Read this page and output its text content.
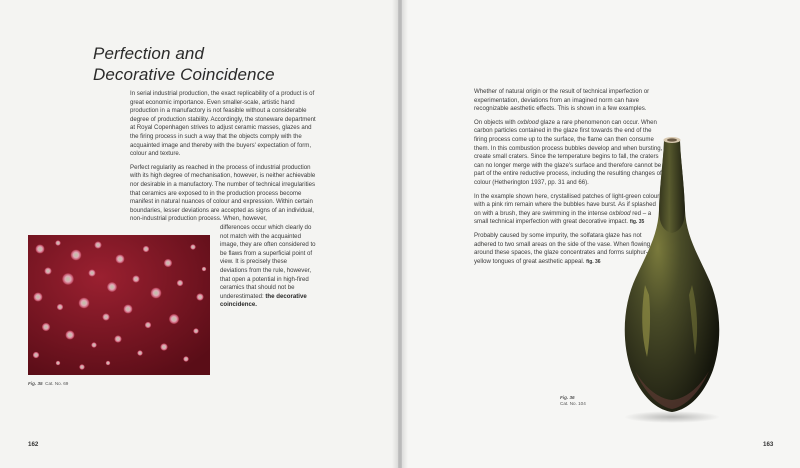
Perfection and
Decorative Coincidence

In serial industrial production, the exact replicability of a product is of great economic importance. Even smaller-scale, artistic hand production in a manufactory is not feasible without a considerable degree of production stability. Accordingly, the stoneware department at Royal Copenhagen strives to adjust ceramic masses, glazes and the firing process in such a way that the objects comply with the acquainted image and thereby with the buyers' expectation of form, colour and texture.

Perfect regularity as reached in the process of industrial production with its high degree of mechanisation, however, is neither achievable nor desirable in a manufactory. The number of technical irregularities that ceramics are exposed to in the production process become manifest in natural nuances of colour and expression. Within certain boundaries, lesser deviations are accepted as signs of an individual, non-industrial production process. When, however,

differences occur which clearly do not match with the acquainted image, they are often considered to be flaws from a superficial point of view. It is precisely these deviations from the rule, however, that open a potential in high-fired ceramics that should not be underestimated: the decorative coincidence.

Fig. 35 Cat. No. 69
162

Whether of natural origin or the result of technical imperfection or experimentation, deviations from an imagined norm can have recognizable aesthetic effects. This is shown in a few examples.

On objects with oxblood glaze a rare phenomenon can occur. When carbon particles contained in the glaze first towards the end of the firing process come up to the surface, the flame can then consume them. In this combustion process bubbles develop and when bursting, create small craters. Since the temperature begins to fall, the craters can no longer merge with the glaze's surface and therefore cannot be part of the entire reductive process, including the resulting changes of colour (Hetherington 1937, pp. 31 and 66).

In the example shown here, crystallised patches of light-green colour with a pink rim remain where the bubbles have burst. As if splashed on with a brush, they are swimming in the intense oxblood red – a small technical imperfection with great decorative impact. fig. 35

Probably caused by some impurity, the solfatara glaze has not adhered to two small areas on the side of the vase. When flowing around these spaces, the glaze concentrates and forms sulphur-yellow tongues of great aesthetic appeal. fig. 36

Fig. 36
Cat. No. 104
163
